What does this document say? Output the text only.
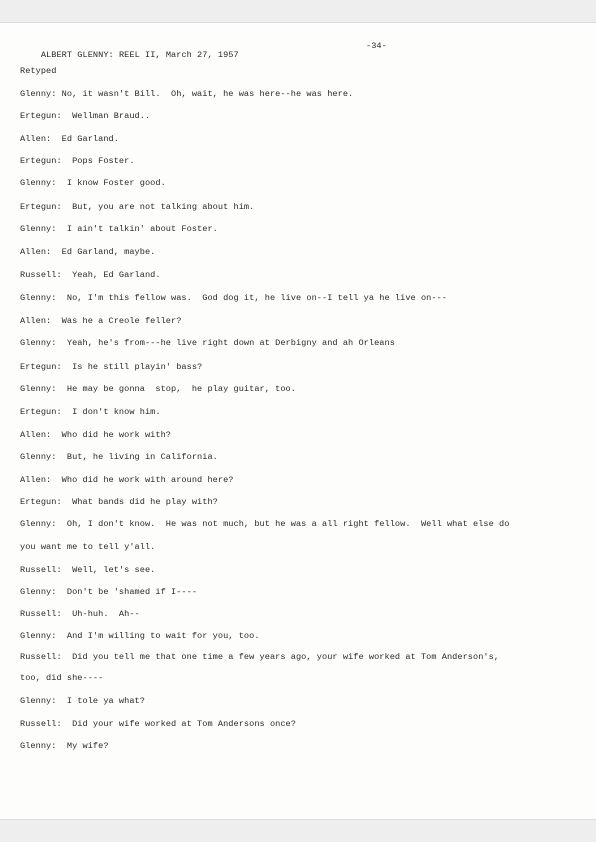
ALBERT GLENNY: REEL II, March 27, 1957

-34-

Retyped
Glenny: No, it wasn't Bill.  Oh, wait, he was here--he was here.
Ertegun:  Wellman Braud..
Allen:  Ed Garland.
Ertegun:  Pops Foster.
Glenny:  I know Foster good.
Ertegun:  But, you are not talking about him.
Glenny:  I ain't talkin' about Foster.
Allen:  Ed Garland, maybe.
Russell:  Yeah, Ed Garland.
Glenny:  No, I'm this fellow was.  God dog it, he live on--I tell ya he live on---
Allen:  Was he a Creole feller?
Glenny:  Yeah, he's from---he live right down at Derbigny and ah Orleans
Ertegun:  Is he still playin' bass?
Glenny:  He may be gonna  stop,  he play guitar, too.
Ertegun:  I don't know him.
Allen:  Who did he work with?
Glenny:  But, he living in California.
Allen:  Who did he work with around here?
Ertegun:  What bands did he play with?
Glenny:  Oh, I don't know.  He was not much, but he was a all right fellow.  Well what else do
you want me to tell y'all.
Russell:  Well, let's see.
Glenny:  Don't be 'shamed if I----
Russell:  Uh-huh.  Ah--
Glenny:  And I'm willing to wait for you, too.
Russell:  Did you tell me that one time a few years ago, your wife worked at Tom Anderson's,
too, did she----
Glenny:  I tole ya what?
Russell:  Did your wife worked at Tom Andersons once?
Glenny:  My wife?
